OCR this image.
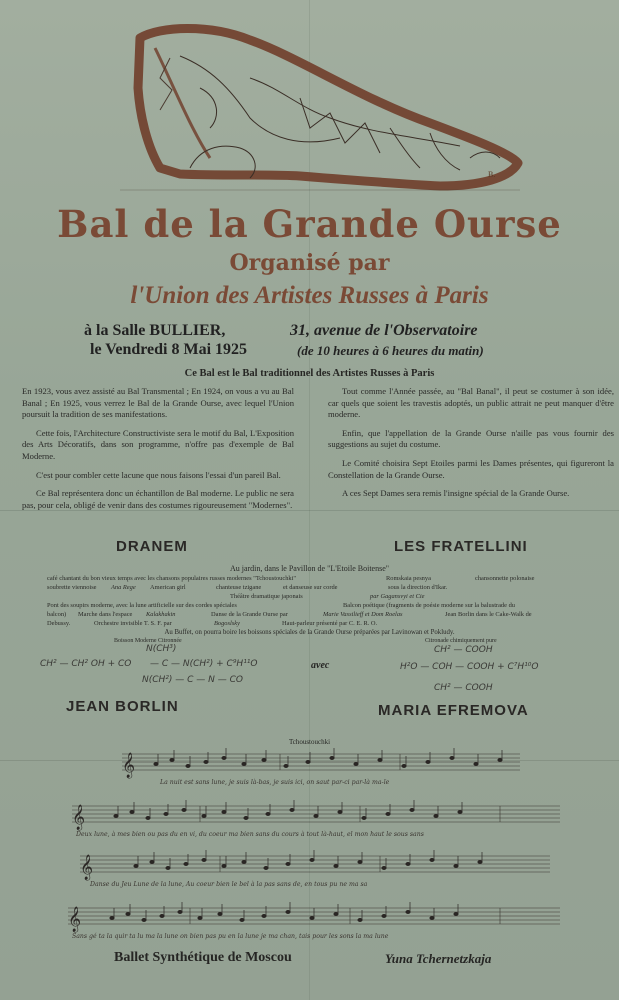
B.
Bal de la Grande Ourse
Organisé par
l'Union des Artistes Russes à Paris
à la Salle BULLIER,	31, avenue de l'Observatoire
le Vendredi 8 Mai 1925	(de 10 heures à 6 heures du matin)
Ce Bal est le Bal traditionnel des Artistes Russes à Paris

En 1923, vous avez assisté au Bal Transmental ; En 1924, on vous a vu au Bal Banal ; En 1925, vous verrez le Bal de la Grande Ourse, avec lequel l'Union poursuit la tradition de ses manifestations.

Cette fois, l'Architecture Constructiviste sera le motif du Bal, L'Exposition des Arts Décoratifs, dans son programme, n'offre pas d'exemple de Bal Moderne.

C'est pour combler cette lacune que nous faisons l'essai d'un pareil Bal.

Ce Bal représentera donc un échantillon de Bal moderne. Le public ne sera pas, pour cela, obligé de venir dans des costumes rigoureusement "Modernes".

Tout comme l'Année passée, au "Bal Banal", il peut se costumer à son idée, car quels que soient les travestis adoptés, un public attrait ne peut manquer d'être moderne.

Enfin, que l'appellation de la Grande Ourse n'aille pas vous fournir des suggestions au sujet du costume.

Le Comité choisira Sept Etoiles parmi les Dames présentes, qui figureront la Constellation de la Grande Ourse.

A ces Sept Dames sera remis l'insigne spécial de la Grande Ourse.

DRANEM	LES FRATELLINI
Au jardin, dans le Pavillon de "L'Etoile Boitense"
café chantant du bon vieux temps avec les chansons populaires russes modernes "Tchoustouchki"	Romskaia pesnya	chansonnette polonaise
soubrette viennoise Ana Rege American girl	chanteuse tzigane	et danseuse sur corde	sous la direction d'Ikar.
Théâtre dramatique japonais	par Gagansvyi et Cie
Pont des soupirs moderne, avec la lune artificielle sur des cordes spéciales	Balcon poétique (fragments de poésie moderne sur la balustrade du
balcon) Marche dans l'espace Kalakhakin	Danse de la Grande Ourse par	Marie Vassilieff et Dom Roelas	Jean Borlin dans le Cake-Walk de
Debussy.	Orchestre invisible T. S. F. par	Bogoslsky	Haut-parleur présenté par C. E. R. O.
Au Buffet, on pourra boire les boissons spéciales de la Grande Ourse préparées par Lavinowan et Pokludy.
Boisson Moderne Citronnée	Citronade chimiquement pure
N(CH³)
CH² — CH² OH + CO — C — N(CH²) + C⁹H¹¹O
N(CH²) — C — N — CO
CH² — COOH
H²O — COH — COOH + C⁷H¹⁰O
CH² — COOH
avec
JEAN BORLIN	MARIA EFREMOVA
Tchoustouchki
𝄞
𝄞
𝄞
𝄞
La nuit est sans lune, je suis là-bas, je suis ici, on saut par-ci par-là ma-ïe
Deux lune, à mes bien ou pas du en vi, du coeur ma bien sans du cours à tout là-haut, el mon haut le sous sans
Danse du Jeu Lune de la lune, Au coeur bien le bel à la pas sans de, en tous pu ne ma sa
Sans gé ta la quir ta lu ma la lune on bien pas pu en la lune je ma chan, tais pour les sons la ma lune
Ballet Synthétique de Moscou	Yuna Tchernetzkaja
